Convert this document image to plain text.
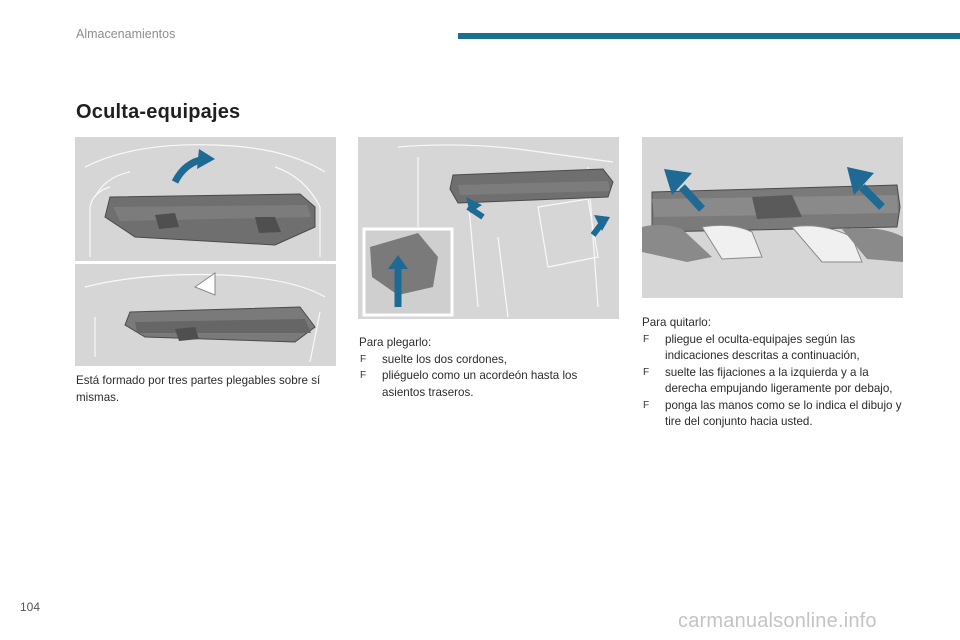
Almacenamientos
Oculta-equipajes

Está formado por tres partes plegables sobre sí mismas.

Para plegarlo:

F suelte los dos cordones,
F pliéguelo como un acordeón hasta los asientos traseros.

Para quitarlo:

F pliegue el oculta-equipajes según las indicaciones descritas a continuación,
F suelte las fijaciones a la izquierda y a la derecha empujando ligeramente por debajo,
F ponga las manos como se lo indica el dibujo y tire del conjunto hacia usted.
104
carmanualsonline.info
